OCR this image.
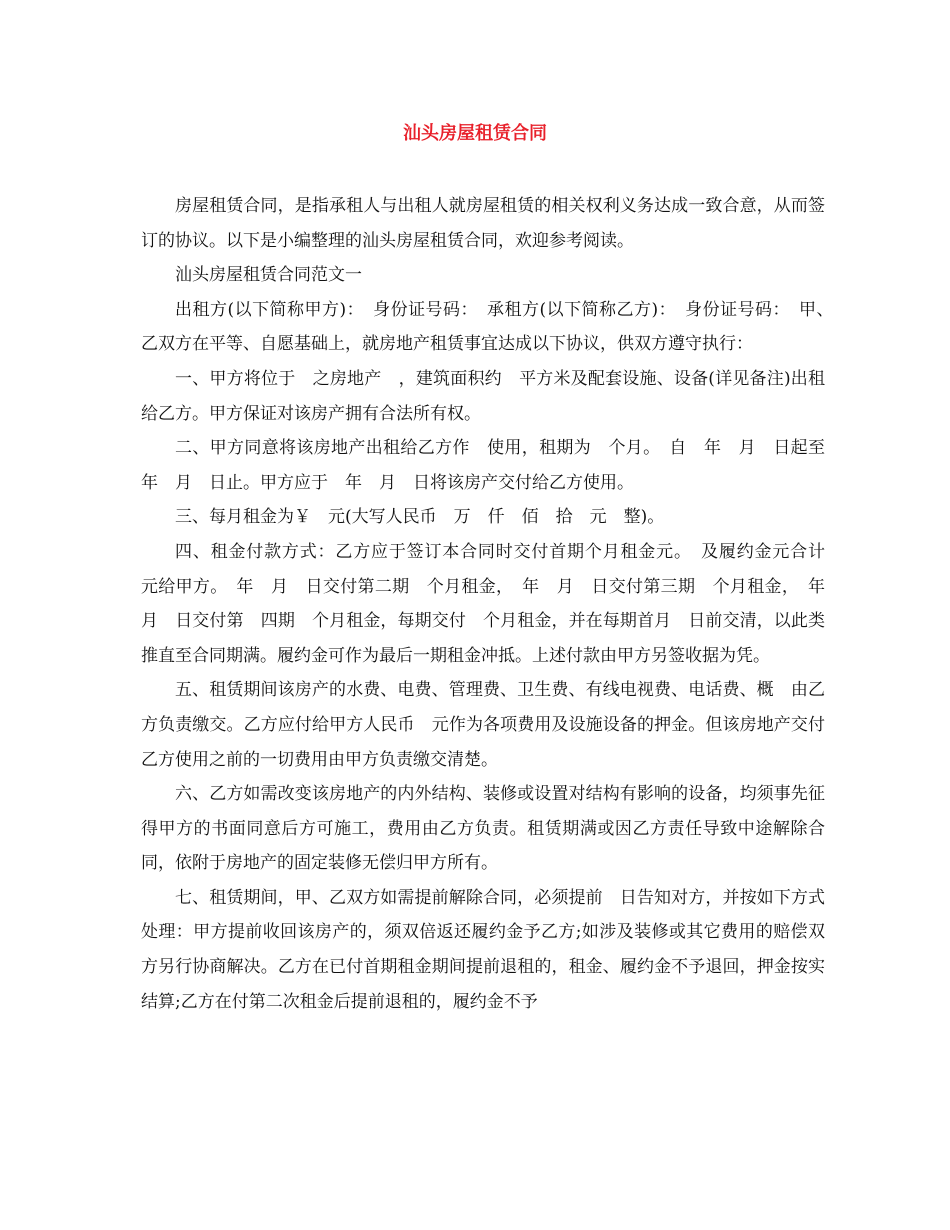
汕头房屋租赁合同

房屋租赁合同，是指承租人与出租人就房屋租赁的相关权利义务达成一致合意，从而签订的协议。以下是小编整理的汕头房屋租赁合同，欢迎参考阅读。

汕头房屋租赁合同范文一

出租方(以下简称甲方)：　身份证号码：　承租方(以下简称乙方)：　身份证号码：　甲、　乙双方在平等、自愿基础上，就房地产租赁事宜达成以下协议，供双方遵守执行：

一、甲方将位于　之房地产　，建筑面积约　平方米及配套设施、设备(详见备注)出租给乙方。甲方保证对该房产拥有合法所有权。

二、甲方同意将该房地产出租给乙方作　使用，租期为　个月。　自　年　月　日起至　年　月　日止。甲方应于　年　月　日将该房产交付给乙方使用。

三、每月租金为￥　元(大写人民币　万　仟　佰　拾　元　整)。

四、租金付款方式：乙方应于签订本合同时交付首期个月租金元。　及履约金元合计　元给甲方。　年　月　日交付第二期　个月租金，　年　月　日交付第三期　个月租金，　年　月　日交付第　四期　个月租金，每期交付　个月租金，并在每期首月　日前交清，以此类推直至合同期满。履约金可作为最后一期租金冲抵。上述付款由甲方另签收据为凭。

五、租赁期间该房产的水费、电费、管理费、卫生费、有线电视费、电话费、概　由乙方负责缴交。乙方应付给甲方人民币　元作为各项费用及设施设备的押金。但该房地产交付乙方使用之前的一切费用由甲方负责缴交清楚。

六、乙方如需改变该房地产的内外结构、装修或设置对结构有影响的设备，均须事先征得甲方的书面同意后方可施工，费用由乙方负责。租赁期满或因乙方责任导致中途解除合同，依附于房地产的固定装修无偿归甲方所有。

七、租赁期间，甲、乙双方如需提前解除合同，必须提前　日告知对方，并按如下方式处理：甲方提前收回该房产的，须双倍返还履约金予乙方;如涉及装修或其它费用的赔偿双方另行协商解决。乙方在已付首期租金期间提前退租的，租金、履约金不予退回，押金按实结算;乙方在付第二次租金后提前退租的，履约金不予
